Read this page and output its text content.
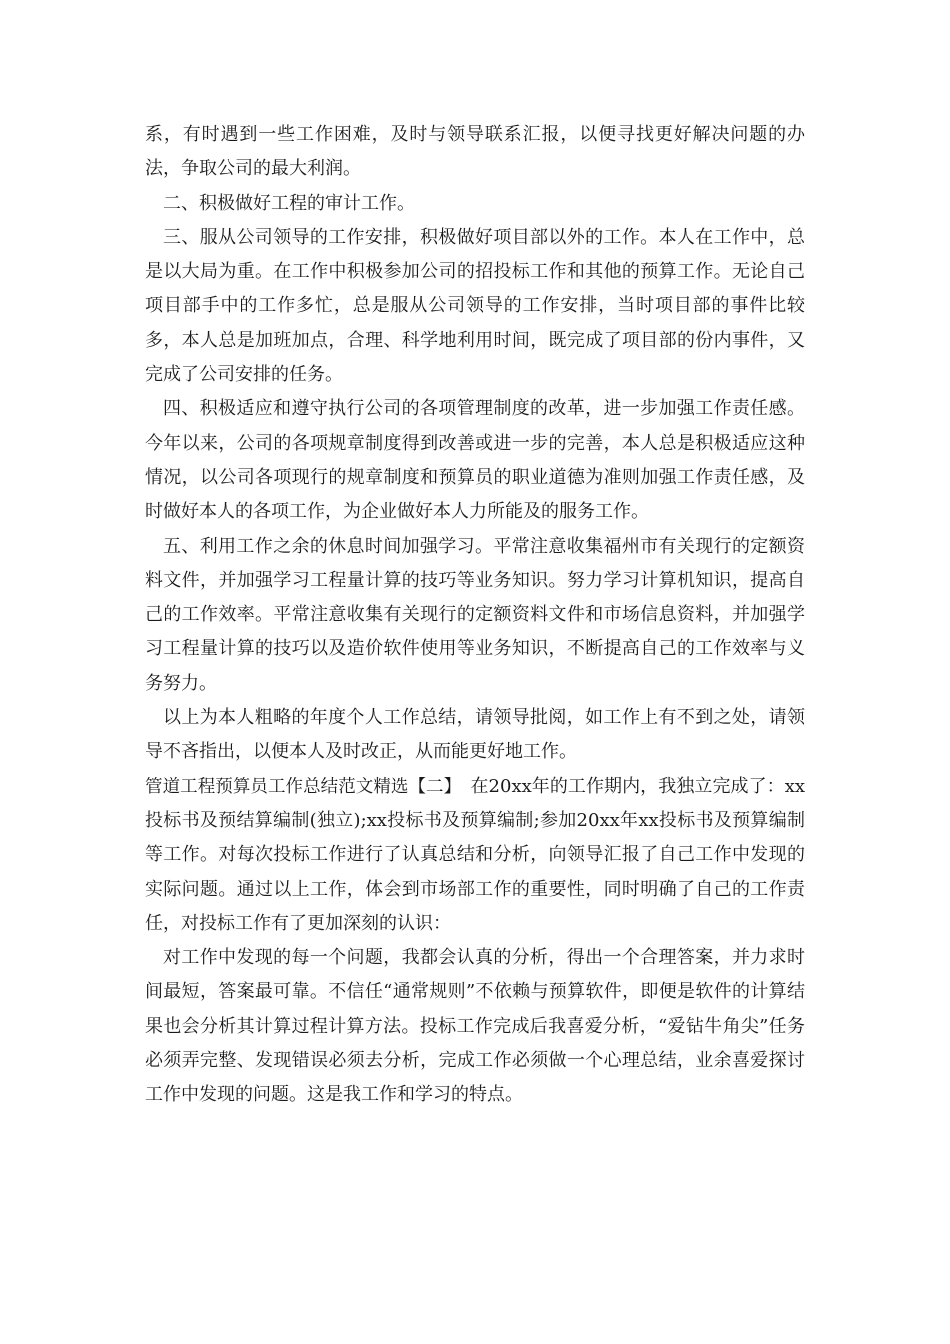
系，有时遇到一些工作困难，及时与领导联系汇报，以便寻找更好解决问题的办法，争取公司的最大利润。

二、积极做好工程的审计工作。

三、服从公司领导的工作安排，积极做好项目部以外的工作。本人在工作中，总是以大局为重。在工作中积极参加公司的招投标工作和其他的预算工作。无论自己项目部手中的工作多忙，总是服从公司领导的工作安排，当时项目部的事件比较多，本人总是加班加点，合理、科学地利用时间，既完成了项目部的份内事件，又完成了公司安排的任务。

四、积极适应和遵守执行公司的各项管理制度的改革，进一步加强工作责任感。今年以来，公司的各项规章制度得到改善或进一步的完善，本人总是积极适应这种情况，以公司各项现行的规章制度和预算员的职业道德为准则加强工作责任感，及时做好本人的各项工作，为企业做好本人力所能及的服务工作。

五、利用工作之余的休息时间加强学习。平常注意收集福州市有关现行的定额资料文件，并加强学习工程量计算的技巧等业务知识。努力学习计算机知识，提高自己的工作效率。平常注意收集有关现行的定额资料文件和市场信息资料，并加强学习工程量计算的技巧以及造价软件使用等业务知识，不断提高自己的工作效率与义务努力。

以上为本人粗略的年度个人工作总结，请领导批阅，如工作上有不到之处，请领导不吝指出，以便本人及时改正，从而能更好地工作。

管道工程预算员工作总结范文精选【二】　在20xx年的工作期内，我独立完成了：xx投标书及预结算编制(独立);xx投标书及预算编制;参加20xx年xx投标书及预算编制等工作。对每次投标工作进行了认真总结和分析，向领导汇报了自己工作中发现的实际问题。通过以上工作，体会到市场部工作的重要性，同时明确了自己的工作责任，对投标工作有了更加深刻的认识：

对工作中发现的每一个问题，我都会认真的分析，得出一个合理答案，并力求时间最短，答案最可靠。不信任“通常规则”不依赖与预算软件，即便是软件的计算结果也会分析其计算过程计算方法。投标工作完成后我喜爱分析，“爱钻牛角尖”任务必须弄完整、发现错误必须去分析，完成工作必须做一个心理总结，业余喜爱探讨工作中发现的问题。这是我工作和学习的特点。
